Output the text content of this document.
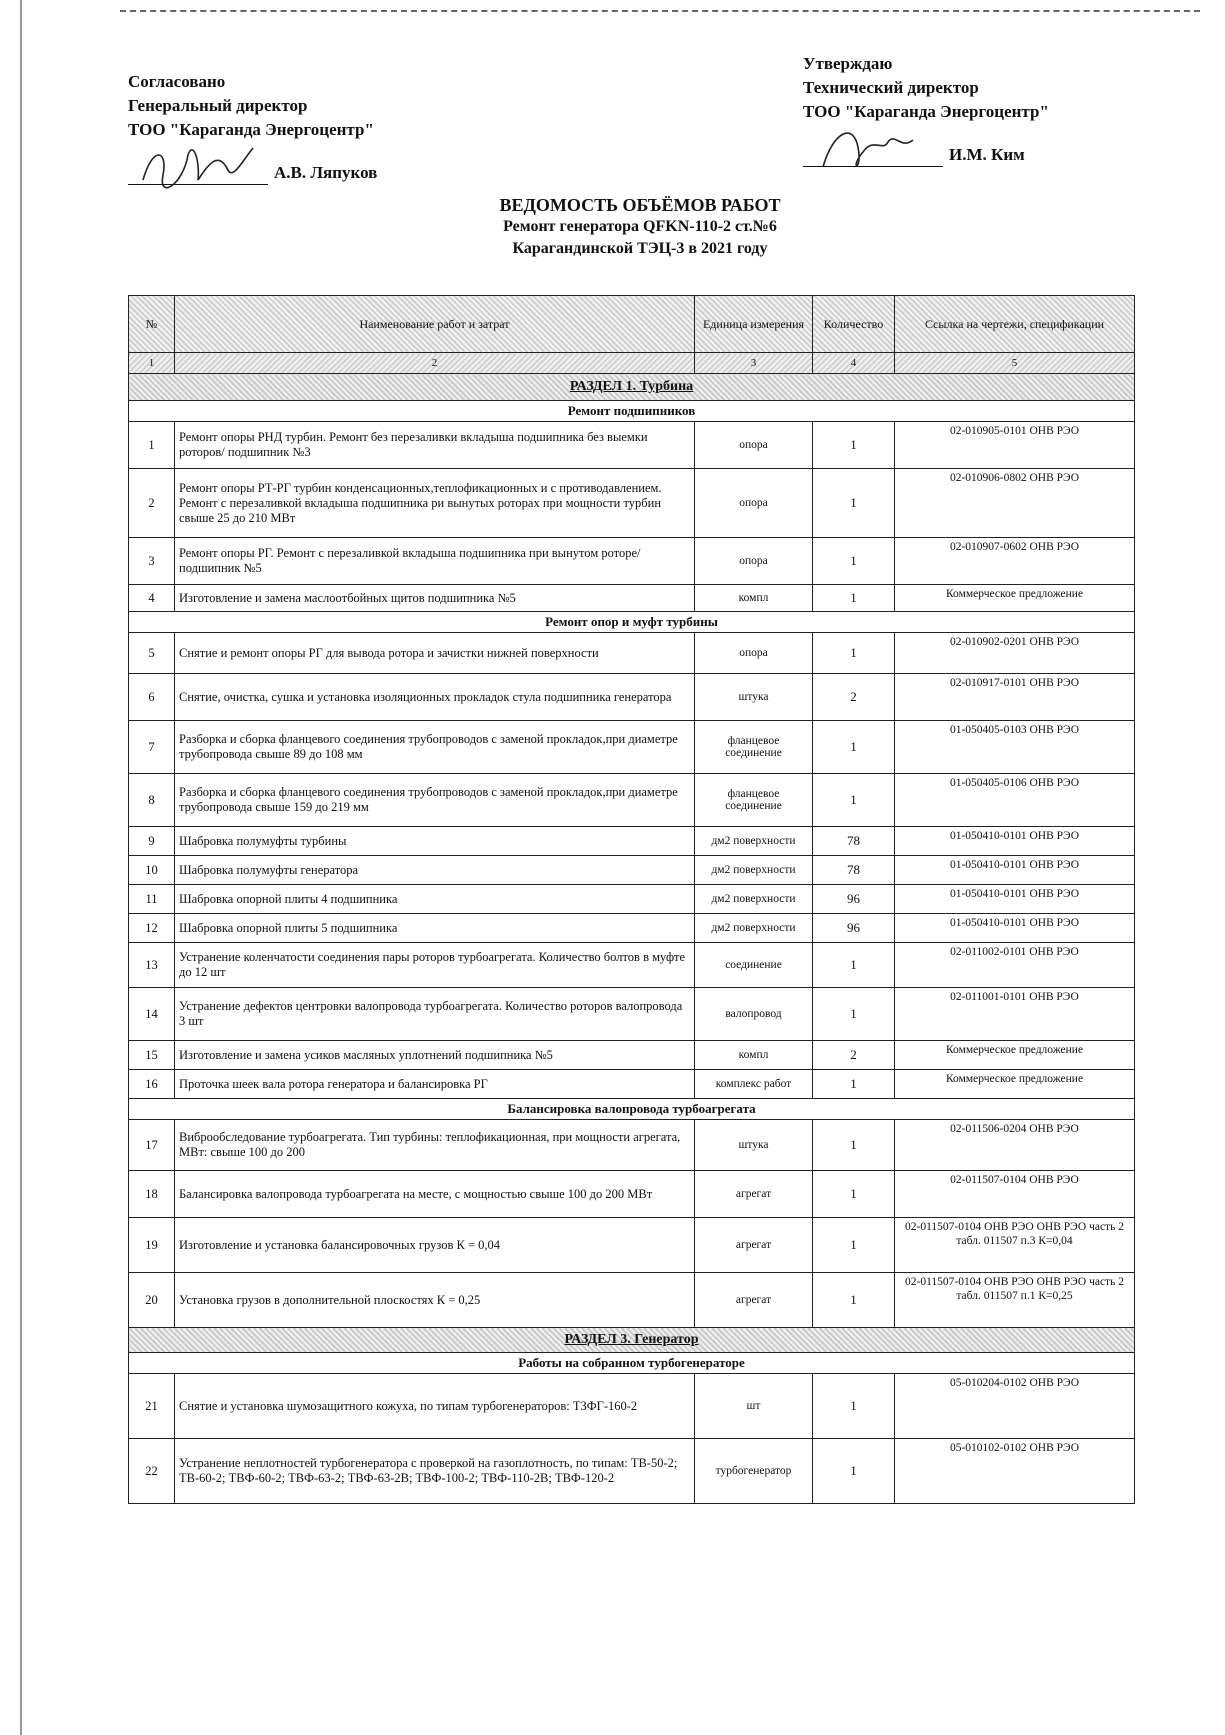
Согласовано
Генеральный директор
ТОО "Караганда Энергоцентр"
А.В. Ляпуков
Утверждаю
Технический директор
ТОО "Караганда Энергоцентр"
И.М. Ким
ВЕДОМОСТЬ ОБЪЁМОВ РАБОТ
Ремонт генератора QFKN-110-2 ст.№6
Карагандинской ТЭЦ-3 в 2021 году
№	Наименование работ и затрат	Единица измерения	Количество	Ссылка на чертежи, спецификации
1	2	3	4	5
РАЗДЕЛ 1. Турбина				
Ремонт подшипников				
1	Ремонт опоры РНД турбин. Ремонт без перезаливки вкладыша подшипника без выемки роторов/ подшипник №3	опора	1	02-010905-0101 ОНВ РЭО
2	Ремонт опоры РТ-РГ турбин конденсационных,теплофикационных и с противодавлением. Ремонт с перезаливкой вкладыша подшипника ри вынутых роторах при мощности турбин свыше 25 до 210 МВт	опора	1	02-010906-0802 ОНВ РЭО
3	Ремонт опоры РГ. Ремонт с перезаливкой вкладыша подшипника при вынутом роторе/ подшипник №5	опора	1	02-010907-0602 ОНВ РЭО
4	Изготовление и замена маслоотбойных щитов подшипника №5	компл	1	Коммерческое предложение
Ремонт опор и муфт турбины				
5	Снятие и ремонт опоры РГ для вывода ротора и зачистки нижней поверхности	опора	1	02-010902-0201 ОНВ РЭО
6	Снятие, очистка, сушка и установка изоляционных прокладок стула подшипника генератора	штука	2	02-010917-0101 ОНВ РЭО
7	Разборка и сборка фланцевого соединения трубопроводов с заменой прокладок,при диаметре трубопровода свыше 89 до 108 мм	фланцевое соединение	1	01-050405-0103 ОНВ РЭО
8	Разборка и сборка фланцевого соединения трубопроводов с заменой прокладок,при диаметре трубопровода свыше 159 до 219 мм	фланцевое соединение	1	01-050405-0106 ОНВ РЭО
9	Шабровка полумуфты турбины	дм2 поверхности	78	01-050410-0101 ОНВ РЭО
10	Шабровка полумуфты генератора	дм2 поверхности	78	01-050410-0101 ОНВ РЭО
11	Шабровка опорной плиты 4 подшипника	дм2 поверхности	96	01-050410-0101 ОНВ РЭО
12	Шабровка опорной плиты 5 подшипника	дм2 поверхности	96	01-050410-0101 ОНВ РЭО
13	Устранение коленчатости соединения пары роторов турбоагрегата. Количество болтов в муфте до 12 шт	соединение	1	02-011002-0101 ОНВ РЭО
14	Устранение дефектов центровки валопровода турбоагрегата. Количество роторов валопровода 3 шт	валопровод	1	02-011001-0101 ОНВ РЭО
15	Изготовление и замена усиков масляных уплотнений подшипника №5	компл	2	Коммерческое предложение
16	Проточка шеек вала ротора генератора и балансировка РГ	комплекс работ	1	Коммерческое предложение
Балансировка валопровода турбоагрегата				
17	Виброобследование турбоагрегата. Тип турбины: теплофикационная, при мощности агрегата, МВт: свыше 100 до 200	штука	1	02-011506-0204 ОНВ РЭО
18	Балансировка валопровода турбоагрегата на месте, с мощностью свыше 100 до 200 МВт	агрегат	1	02-011507-0104 ОНВ РЭО
19	Изготовление и установка балансировочных грузов К = 0,04	агрегат	1	02-011507-0104 ОНВ РЭО ОНВ РЭО часть 2 табл. 011507 п.3 К=0,04
20	Установка грузов в дополнительной плоскостях К = 0,25	агрегат	1	02-011507-0104 ОНВ РЭО ОНВ РЭО часть 2 табл. 011507 п.1 К=0,25
РАЗДЕЛ 3. Генератор				
Работы на собранном турбогенераторе				
21	Снятие и установка шумозащитного кожуха, по типам турбогенераторов: ТЗФГ-160-2	шт	1	05-010204-0102 ОНВ РЭО
22	Устранение неплотностей турбогенератора с проверкой на газоплотность, по типам: ТВ-50-2; ТВ-60-2; ТВФ-60-2; ТВФ-63-2; ТВФ-63-2В; ТВФ-100-2; ТВФ-110-2В; ТВФ-120-2	турбогенератор	1	05-010102-0102 ОНВ РЭО
